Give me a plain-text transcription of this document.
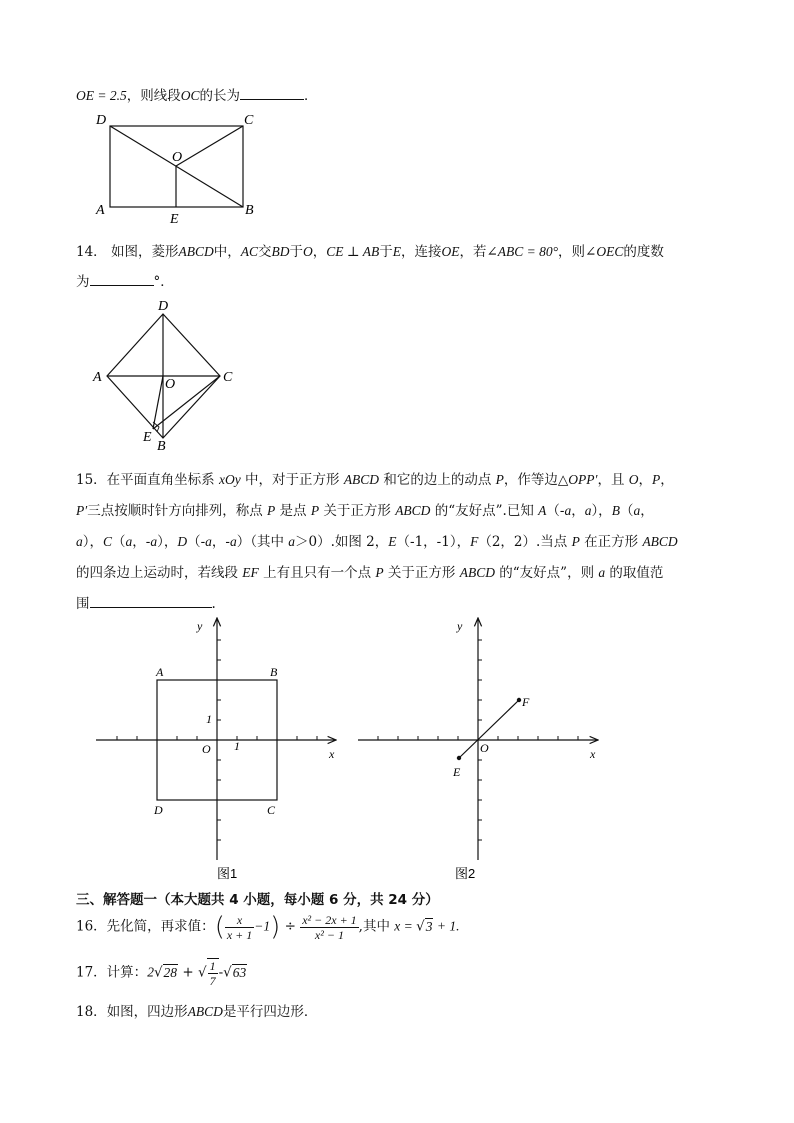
OE = 2.5，则线段OC的长为	．
D	C
O
A
E
B
14． 如图，菱形ABCD中，AC交BD于O，CE ⊥ AB于E，连接OE，若∠ABC = 80°，则∠OEC的度数
为	°．
D
A	O	C
E
B
15．在平面直角坐标系 xOy 中，对于正方形 ABCD 和它的边上的动点 P，作等边△OPP′，且 O，P，
P′三点按顺时针方向排列，称点 P 是点 P 关于正方形 ABCD 的“友好点”.已知 A（-a，a），B（a，
a），C（a，-a），D（-a，-a）（其中 a＞0）.如图 2，E（-1，-1），F（2，2）.当点 P 在正方形 ABCD
的四条边上运动时，若线段 EF 上有且只有一个点 P 关于正方形 ABCD 的“友好点”，则 a 的取值范
围	.
y
x
O
1
1
A	B
D	C
图1
y
x
O
E
F
图2
三、解答题一（本大题共 4 小题，每小题 6 分，共 24 分）
16．先化简，再求值：( $\frac{x}{x + 1} -1) \div \frac{\text{x² − 2x + 1}}{\text{x² − 1}}$ ,其中 x = √3 + 1.
17．计算：2√28 + √ $\frac{1}{7} -√63$
18．如图，四边形ABCD是平行四边形．
